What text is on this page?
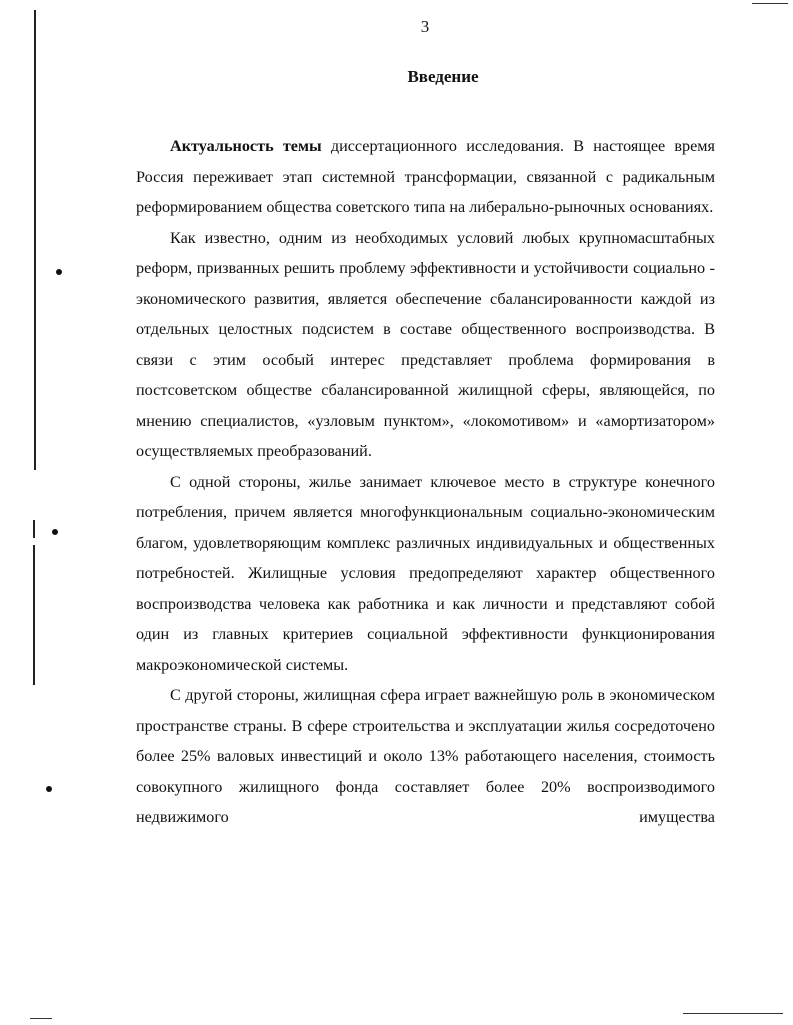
3
Введение

Актуальность темы диссертационного исследования. В настоящее время Россия переживает этап системной трансформации, связанной с радикальным реформированием общества советского типа на либерально-рыночных основаниях.

Как известно, одним из необходимых условий любых крупномасштабных реформ, призванных решить проблему эффективности и устойчивости социально - экономического развития, является обеспечение сбалансированности каждой из отдельных целостных подсистем в составе общественного воспроизводства. В связи с этим особый интерес представляет проблема формирования в постсоветском обществе сбалансированной жилищной сферы, являющейся, по мнению специалистов, «узловым пунктом», «локомотивом» и «амортизатором» осуществляемых преобразований.

С одной стороны, жилье занимает ключевое место в структуре конечного потребления, причем является многофункциональным социально-экономическим благом, удовлетворяющим комплекс различных индивидуальных и общественных потребностей. Жилищные условия предопределяют характер общественного воспроизводства человека как работника и как личности и представляют собой один из главных критериев социальной эффективности функционирования макроэкономической системы.

С другой стороны, жилищная сфера играет важнейшую роль в экономическом пространстве страны. В сфере строительства и эксплуатации жилья сосредоточено более 25% валовых инвестиций и около 13% работающего населения, стоимость совокупного жилищного фонда составляет более 20% воспроизводимого недвижимого имущества
